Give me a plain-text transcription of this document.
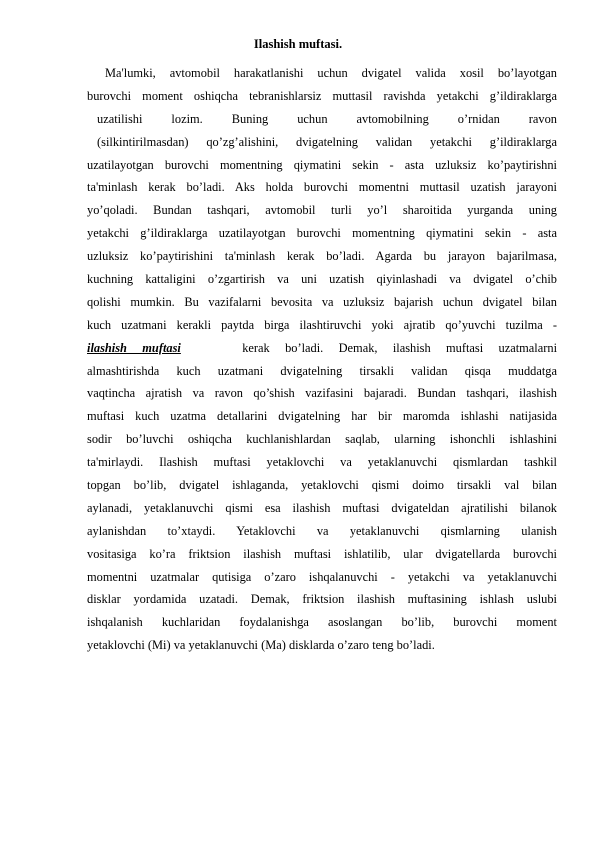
Ilashish muftasi.
Ma'lumki, avtomobil harakatlanishi uchun dvigatel valida xosil bo’layotgan
burovchi moment oshiqcha tebranishlarsiz muttasil ravishda yetakchi g’ildiraklarga
uzatilishi lozim. Buning uchun avtomobilning o’rnidan ravon
(silkintirilmasdan) qo’zg’alishini, dvigatelning validan yetakchi g’ildiraklarga
uzatilayotgan burovchi momentning qiymatini sekin - asta uzluksiz ko’paytirishni
ta'minlash kerak bo’ladi. Aks holda burovchi momentni muttasil uzatish jarayoni
yo’qoladi. Bundan tashqari, avtomobil turli yo’l sharoitida yurganda uning
yetakchi g’ildiraklarga uzatilayotgan burovchi momentning qiymatini sekin - asta
uzluksiz ko’paytirishini ta'minlash kerak bo’ladi. Agarda bu jarayon bajarilmasa,
kuchning kattaligini o’zgartirish va uni uzatish qiyinlashadi va dvigatel o’chib
qolishi mumkin. Bu vazifalarni bevosita va uzluksiz bajarish uchun dvigatel bilan
kuch uzatmani kerakli paytda birga ilashtiruvchi yoki ajratib qo’yuvchi tuzilma -
ilashish muftasi	kerak bo’ladi. Demak, ilashish muftasi uzatmalarni
almashtirishda kuch uzatmani dvigatelning tirsakli validan qisqa muddatga
vaqtincha ajratish va ravon qo’shish vazifasini bajaradi. Bundan tashqari, ilashish
muftasi kuch uzatma detallarini dvigatelning har bir maromda ishlashi natijasida
sodir bo’luvchi oshiqcha kuchlanishlardan saqlab, ularning ishonchli ishlashini
ta'mirlaydi. Ilashish muftasi yetaklovchi va yetaklanuvchi qismlardan tashkil
topgan bo’lib, dvigatel ishlaganda, yetaklovchi qismi doimo tirsakli val bilan
aylanadi, yetaklanuvchi qismi esa ilashish muftasi dvigateldan ajratilishi bilanok
aylanishdan to’xtaydi. Yetaklovchi va yetaklanuvchi qismlarning ulanish
vositasiga ko’ra friktsion ilashish muftasi ishlatilib, ular dvigatellarda burovchi
momentni uzatmalar qutisiga o’zaro ishqalanuvchi - yetakchi va yetaklanuvchi
disklar yordamida uzatadi. Demak, friktsion ilashish muftasining ishlash uslubi
ishqalanish kuchlaridan foydalanishga asoslangan bo’lib, burovchi moment
yetaklovchi (Mi) va yetaklanuvchi (Ma) disklarda o’zaro teng bo’ladi.
